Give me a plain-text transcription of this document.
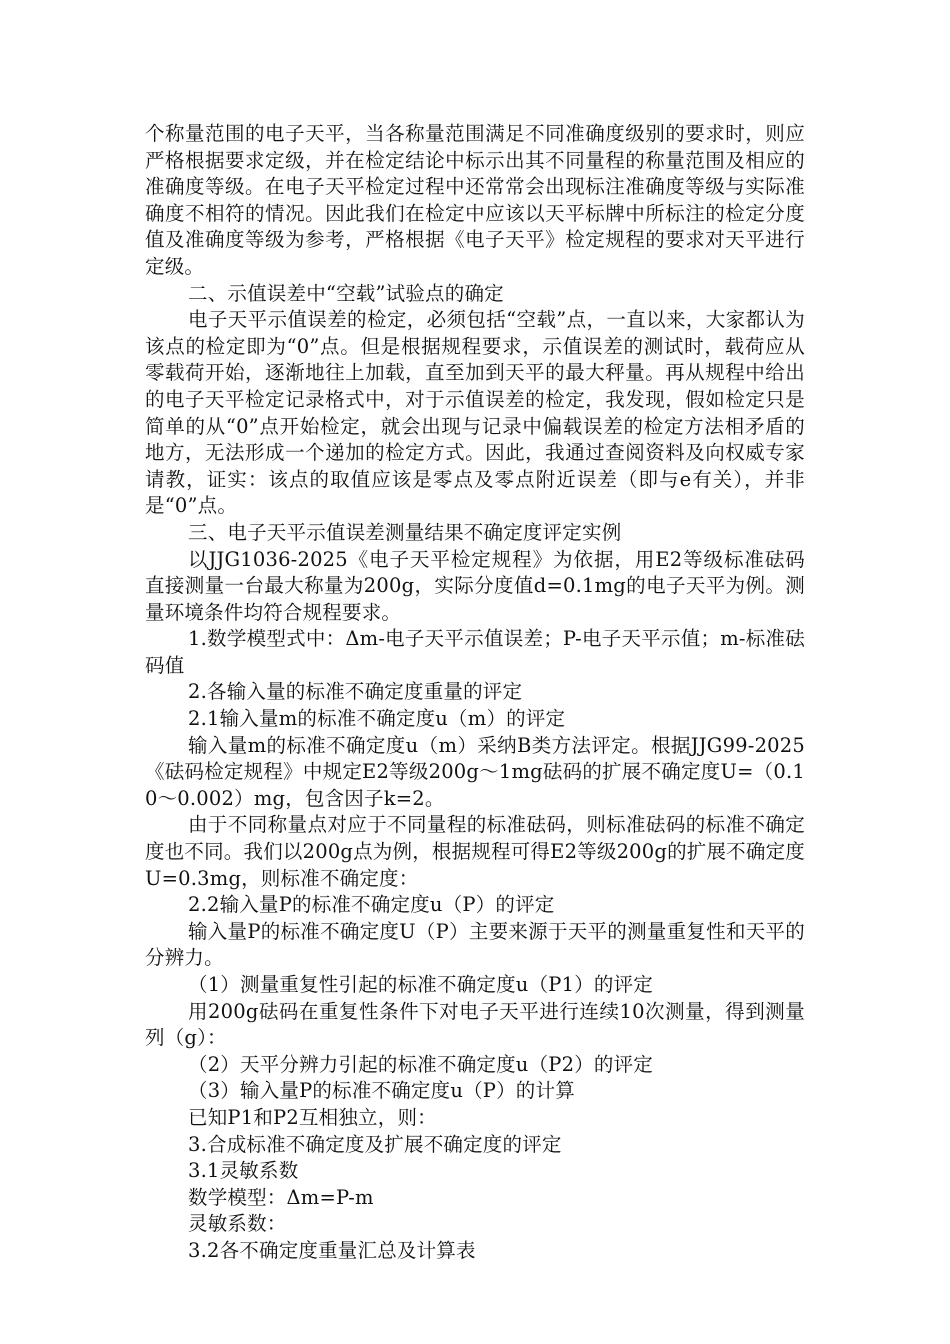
个称量范围的电子天平，当各称量范围满足不同准确度级别的要求时，则应严格根据要求定级，并在检定结论中标示出其不同量程的称量范围及相应的准确度等级。在电子天平检定过程中还常常会出现标注准确度等级与实际准确度不相符的情况。因此我们在检定中应该以天平标牌中所标注的检定分度值及准确度等级为参考，严格根据《电子天平》检定规程的要求对天平进行定级。

二、示值误差中“空载”试验点的确定

电子天平示值误差的检定，必须包括“空载”点，一直以来，大家都认为该点的检定即为“0”点。但是根据规程要求，示值误差的测试时，载荷应从零载荷开始，逐渐地往上加载，直至加到天平的最大秤量。再从规程中给出的电子天平检定记录格式中，对于示值误差的检定，我发现，假如检定只是简单的从“0”点开始检定，就会出现与记录中偏载误差的检定方法相矛盾的地方，无法形成一个递加的检定方式。因此，我通过查阅资料及向权威专家请教，证实：该点的取值应该是零点及零点附近误差（即与e有关），并非是“0”点。

三、电子天平示值误差测量结果不确定度评定实例

以JJG1036-2025《电子天平检定规程》为依据，用E2等级标准砝码直接测量一台最大称量为200g，实际分度值d=0.1mg的电子天平为例。测量环境条件均符合规程要求。

1.数学模型式中：Δm-电子天平示值误差；P-电子天平示值；m-标准砝码值

2.各输入量的标准不确定度重量的评定

2.1输入量m的标准不确定度u（m）的评定

输入量m的标准不确定度u（m）采纳B类方法评定。根据JJG99-2025《砝码检定规程》中规定E2等级200g～1mg砝码的扩展不确定度U=（0.10～0.002）mg，包含因子k=2。

由于不同称量点对应于不同量程的标准砝码，则标准砝码的标准不确定度也不同。我们以200g点为例，根据规程可得E2等级200g的扩展不确定度U=0.3mg，则标准不确定度：

2.2输入量P的标准不确定度u（P）的评定

输入量P的标准不确定度U（P）主要来源于天平的测量重复性和天平的分辨力。

（1）测量重复性引起的标准不确定度u（P1）的评定

用200g砝码在重复性条件下对电子天平进行连续10次测量，得到测量列（g）：

（2）天平分辨力引起的标准不确定度u（P2）的评定

（3）输入量P的标准不确定度u（P）的计算

已知P1和P2互相独立，则：

3.合成标准不确定度及扩展不确定度的评定

3.1灵敏系数

数学模型：Δm=P-m

灵敏系数：

3.2各不确定度重量汇总及计算表
